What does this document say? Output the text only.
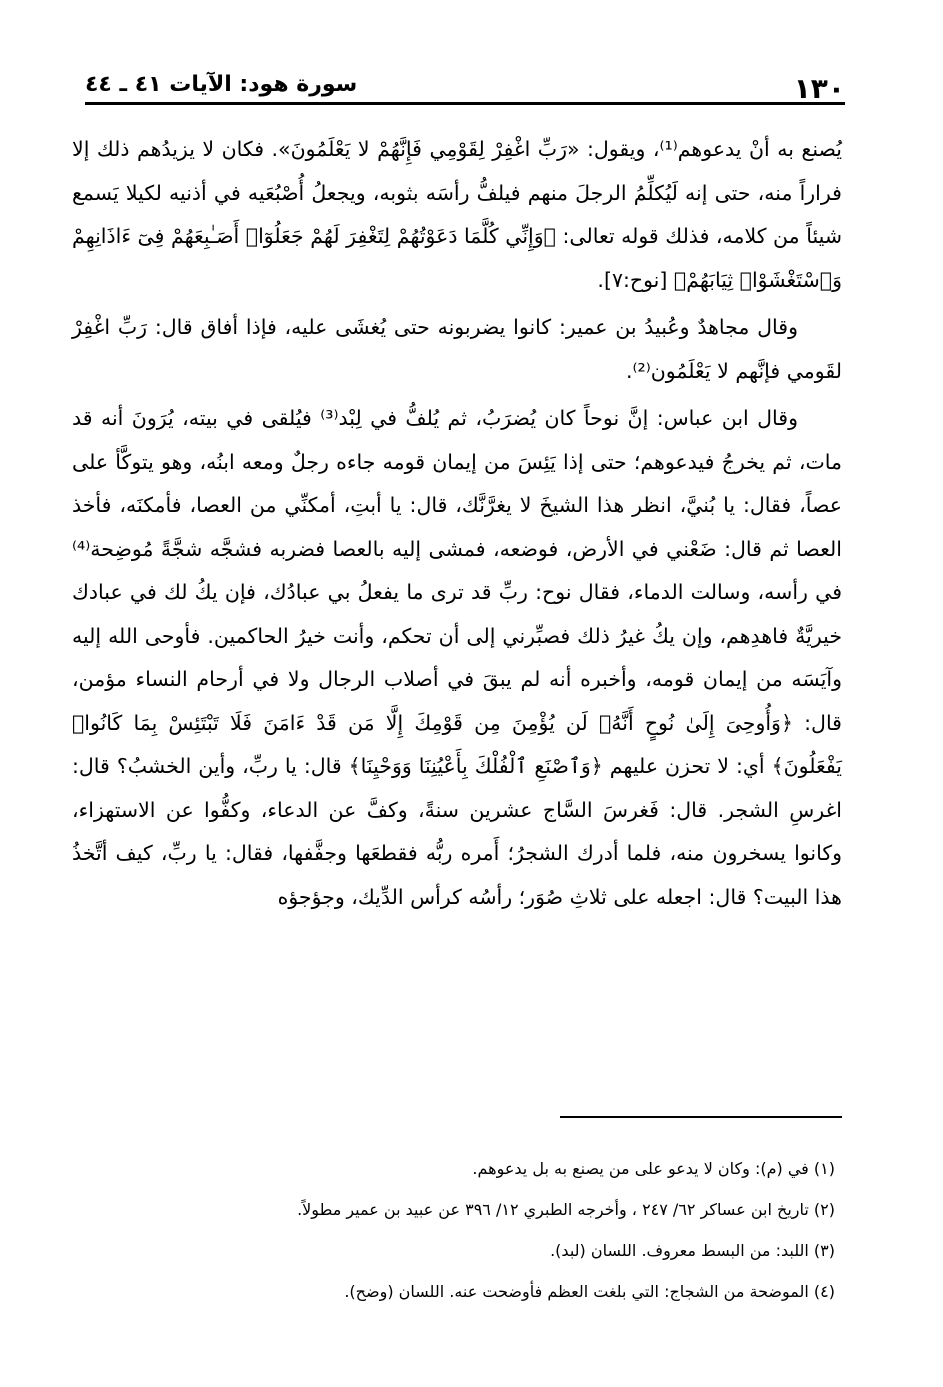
١٣٠
سورة هود: الآيات ٤١ ـ ٤٤

يُصنع به أنْ يدعوهم⁽¹⁾، ويقول: «رَبِّ اغْفِرْ لِقَوْمِي فَإِنَّهُمْ لا يَعْلَمُونَ». فكان لا يزيدُهم ذلك إلا فراراً منه، حتى إنه لَيُكلِّمُ الرجلَ منهم فيلفُّ رأسَه بثوبه، ويجعلُ أُصْبُعَيه في أذنيه لكيلا يَسمع شيئاً من كلامه، فذلك قوله تعالى: ﴿وَإِنِّي كُلَّمَا دَعَوْتُهُمْ لِتَغْفِرَ لَهُمْ جَعَلُوٓا۟ أَصَـٰبِعَهُمْ فِىٓ ءَاذَانِهِمْ وَٱسْتَغْشَوْا۟ ثِيَابَهُمْ﴾ [نوح:٧].

وقال مجاهدٌ وعُبيدُ بن عمير: كانوا يضربونه حتى يُغشَى عليه، فإذا أفاق قال: رَبِّ اغْفِرْ لقَومي فإنَّهم لا يَعْلَمُون⁽²⁾.

وقال ابن عباس: إنَّ نوحاً كان يُضرَبُ، ثم يُلفُّ في لِبْد⁽³⁾ فيُلقى في بيته، يُرَونَ أنه قد مات، ثم يخرجُ فيدعوهم؛ حتى إذا يَئِسَ من إيمان قومه جاءه رجلٌ ومعه ابنُه، وهو يتوكَّأ على عصاً، فقال: يا بُنيَّ، انظر هذا الشيخَ لا يغرَّنَّك، قال: يا أبتِ، أمكنِّي من العصا، فأمكنَه، فأخذ العصا ثم قال: ضَعْني في الأرض، فوضعه، فمشى إليه بالعصا فضربه فشجَّه شجَّةً مُوضِحة⁽⁴⁾ في رأسه، وسالت الدماء، فقال نوح: ربِّ قد ترى ما يفعلُ بي عبادُك، فإن يكُ لك في عبادك خيريَّةٌ فاهدِهم، وإن يكُ غيرُ ذلك فصبِّرني إلى أن تحكم، وأنت خيرُ الحاكمين. فأوحى الله إليه وآيَسَه من إيمان قومه، وأخبره أنه لم يبقَ في أصلاب الرجال ولا في أرحام النساء مؤمن، قال: ﴿وَأُوحِىَ إِلَىٰ نُوحٍ أَنَّهُۥ لَن يُؤْمِنَ مِن قَوْمِكَ إِلَّا مَن قَدْ ءَامَنَ فَلَا تَبْتَئِسْ بِمَا كَانُوا۟ يَفْعَلُونَ﴾ أي: لا تحزن عليهم ﴿وَٱصْنَعِ ٱلْفُلْكَ بِأَعْيُنِنَا وَوَحْيِنَا﴾ قال: يا ربِّ، وأين الخشبُ؟ قال: اغرسِ الشجر. قال: فَغرسَ السَّاج عشرين سنةً، وكفَّ عن الدعاء، وكفُّوا عن الاستهزاء، وكانوا يسخرون منه، فلما أدرك الشجرُ؛ أَمره ربُّه فقطعَها وجفَّفها، فقال: يا ربِّ، كيف أتَّخذُ هذا البيت؟ قال: اجعله على ثلاثِ صُوَر؛ رأسُه كرأس الدِّيك، وجؤجؤه

(١) في (م): وكان لا يدعو على من يصنع به بل يدعوهم.

(٢) تاريخ ابن عساكر ٦٢/ ٢٤٧ ، وأخرجه الطبري ١٢/ ٣٩٦ عن عبيد بن عمير مطولاً.

(٣) اللبد: من البسط معروف. اللسان (لبد).

(٤) الموضحة من الشجاج: التي بلغت العظم فأوضحت عنه. اللسان (وضح).
